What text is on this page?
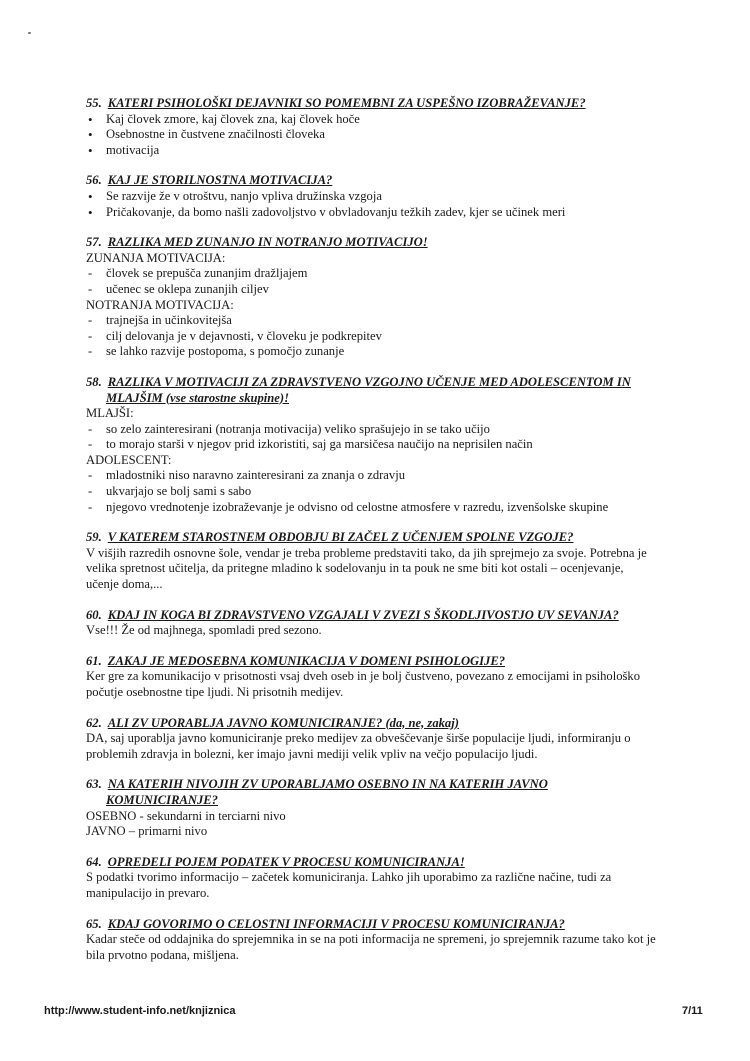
55. KATERI PSIHOLOŠKI DEJAVNIKI SO POMEMBNI ZA USPEŠNO IZOBRAŽEVANJE?

• Kaj človek zmore, kaj človek zna, kaj človek hoče
• Osebnostne in čustvene značilnosti človeka
• motivacija

56. KAJ JE STORILNOSTNA MOTIVACIJA?

• Se razvije že v otroštvu, nanjo vpliva družinska vzgoja
• Pričakovanje, da bomo našli zadovoljstvo v obvladovanju težkih zadev, kjer se učinek meri

57. RAZLIKA MED ZUNANJO IN NOTRANJO MOTIVACIJO!

ZUNANJA MOTIVACIJA:

- človek se prepušča zunanjim dražljajem
- učenec se oklepa zunanjih ciljev

NOTRANJA MOTIVACIJA:

- trajnejša in učinkovitejša
- cilj delovanja je v dejavnosti, v človeku je podkrepitev
- se lahko razvije postopoma, s pomočjo zunanje

58. RAZLIKA V MOTIVACIJI ZA ZDRAVSTVENO VZGOJNO UČENJE MED ADOLESCENTOM IN

MLAJŠIM (vse starostne skupine)!

MLAJŠI:

- so zelo zainteresirani (notranja motivacija) veliko sprašujejo in se tako učijo
- to morajo starši v njegov prid izkoristiti, saj ga marsičesa naučijo na neprisilen način

ADOLESCENT:

- mladostniki niso naravno zainteresirani za znanja o zdravju
- ukvarjajo se bolj sami s sabo
- njegovo vrednotenje izobraževanje je odvisno od celostne atmosfere v razredu, izvenšolske skupine

59. V KATEREM STAROSTNEM OBDOBJU BI ZAČEL Z UČENJEM SPOLNE VZGOJE?

V višjih razredih osnovne šole, vendar je treba probleme predstaviti tako, da jih sprejmejo za svoje. Potrebna je

velika spretnost učitelja, da pritegne mladino k sodelovanju in ta pouk ne sme biti kot ostali – ocenjevanje,

učenje doma,...

60. KDAJ IN KOGA BI ZDRAVSTVENO VZGAJALI V ZVEZI S ŠKODLJIVOSTJO UV SEVANJA?

Vse!!! Že od majhnega, spomladi pred sezono.

61. ZAKAJ JE MEDOSEBNA KOMUNIKACIJA V DOMENI PSIHOLOGIJE?

Ker gre za komunikacijo v prisotnosti vsaj dveh oseb in je bolj čustveno, povezano z emocijami in psihološko

počutje osebnostne tipe ljudi. Ni prisotnih medijev.

62. ALI ZV UPORABLJA JAVNO KOMUNICIRANJE? (da, ne, zakaj)

DA, saj uporablja javno komuniciranje preko medijev za obveščevanje širše populacije ljudi, informiranju o

problemih zdravja in bolezni, ker imajo javni mediji velik vpliv na večjo populacijo ljudi.

63. NA KATERIH NIVOJIH ZV UPORABLJAMO OSEBNO IN NA KATERIH JAVNO

KOMUNICIRANJE?

OSEBNO - sekundarni in terciarni nivo

JAVNO – primarni nivo

64. OPREDELI POJEM PODATEK V PROCESU KOMUNICIRANJA!

S podatki tvorimo informacijo – začetek komuniciranja. Lahko jih uporabimo za različne načine, tudi za

manipulacijo in prevaro.

65. KDAJ GOVORIMO O CELOSTNI INFORMACIJI V PROCESU KOMUNICIRANJA?

Kadar steče od oddajnika do sprejemnika in se na poti informacija ne spremeni, jo sprejemnik razume tako kot je

bila prvotno podana, mišljena.

http://www.student-info.net/knjiznica	7/11
